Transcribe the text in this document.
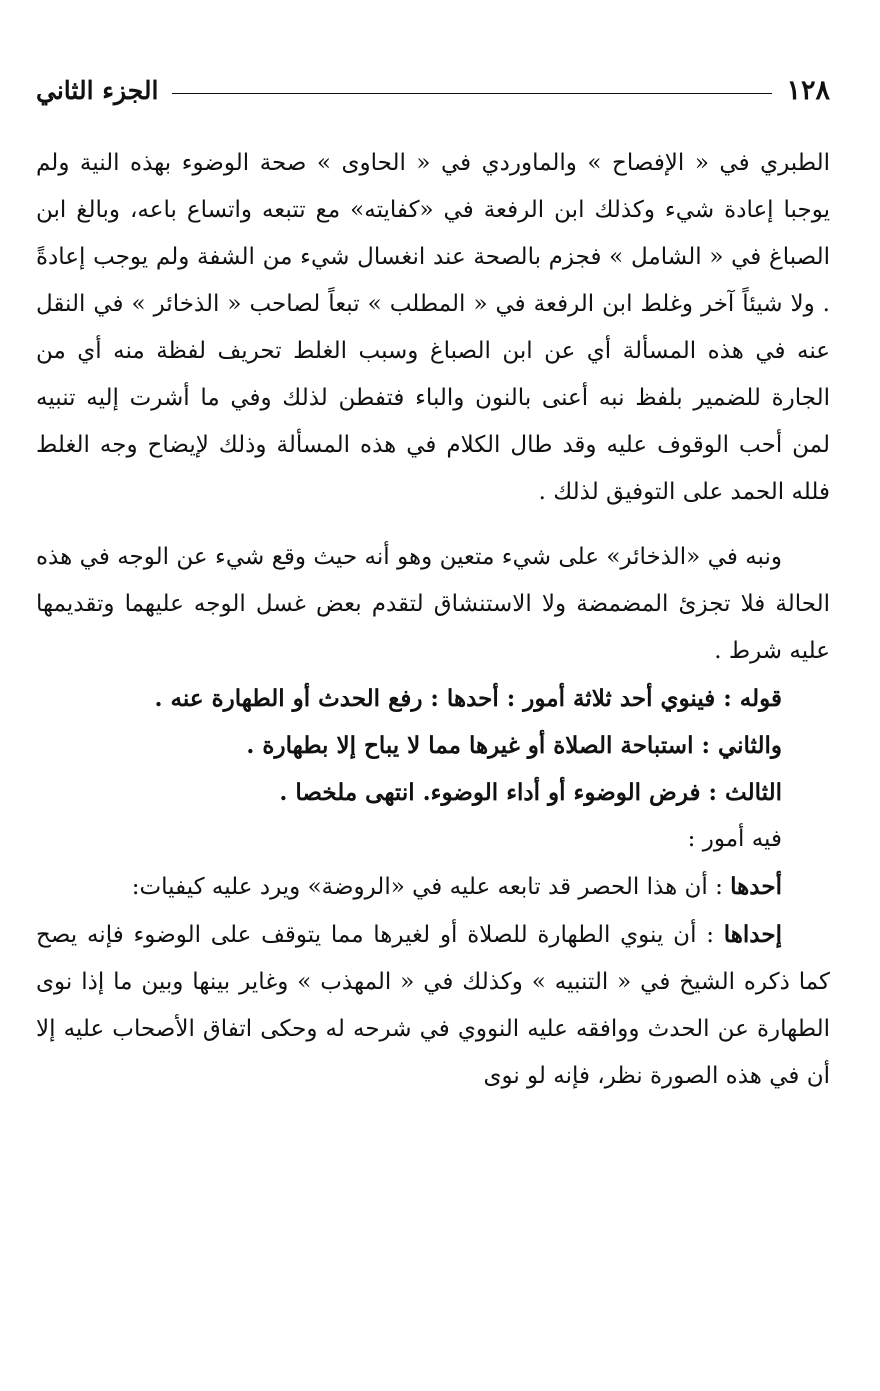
١٢٨
الجزء الثاني

الطبري في « الإفصاح » والماوردي في « الحاوى » صحة الوضوء بهذه النية ولم يوجبا إعادة شيء وكذلك ابن الرفعة في «كفايته» مع تتبعه واتساع باعه، وبالغ ابن الصباغ في « الشامل » فجزم بالصحة عند انغسال شيء من الشفة ولم يوجب إعادةً . ولا شيئاً آخر وغلط ابن الرفعة في « المطلب » تبعاً لصاحب « الذخائر » في النقل عنه في هذه المسألة أي عن ابن الصباغ وسبب الغلط تحريف لفظة منه أي من الجارة للضمير بلفظ نبه أعنى بالنون والباء فتفطن لذلك وفي ما أشرت إليه تنبيه لمن أحب الوقوف عليه وقد طال الكلام في هذه المسألة وذلك لإيضاح وجه الغلط فلله الحمد على التوفيق لذلك .

ونبه في «الذخائر» على شيء متعين وهو أنه حيث وقع شيء عن الوجه في هذه الحالة فلا تجزئ المضمضة ولا الاستنشاق لتقدم بعض غسل الوجه عليهما وتقديمها عليه شرط .

قوله : فينوي أحد ثلاثة أمور : أحدها : رفع الحدث أو الطهارة عنه .

والثاني : استباحة الصلاة أو غيرها مما لا يباح إلا بطهارة .

الثالث : فرض الوضوء أو أداء الوضوء. انتهى ملخصا .

فيه أمور :

أحدها : أن هذا الحصر قد تابعه عليه في «الروضة» ويرد عليه كيفيات:

إحداها : أن ينوي الطهارة للصلاة أو لغيرها مما يتوقف على الوضوء فإنه يصح كما ذكره الشيخ في « التنبيه » وكذلك في « المهذب » وغاير بينها وبين ما إذا نوى الطهارة عن الحدث ووافقه عليه النووي في شرحه له وحكى اتفاق الأصحاب عليه إلا أن في هذه الصورة نظر، فإنه لو نوى
